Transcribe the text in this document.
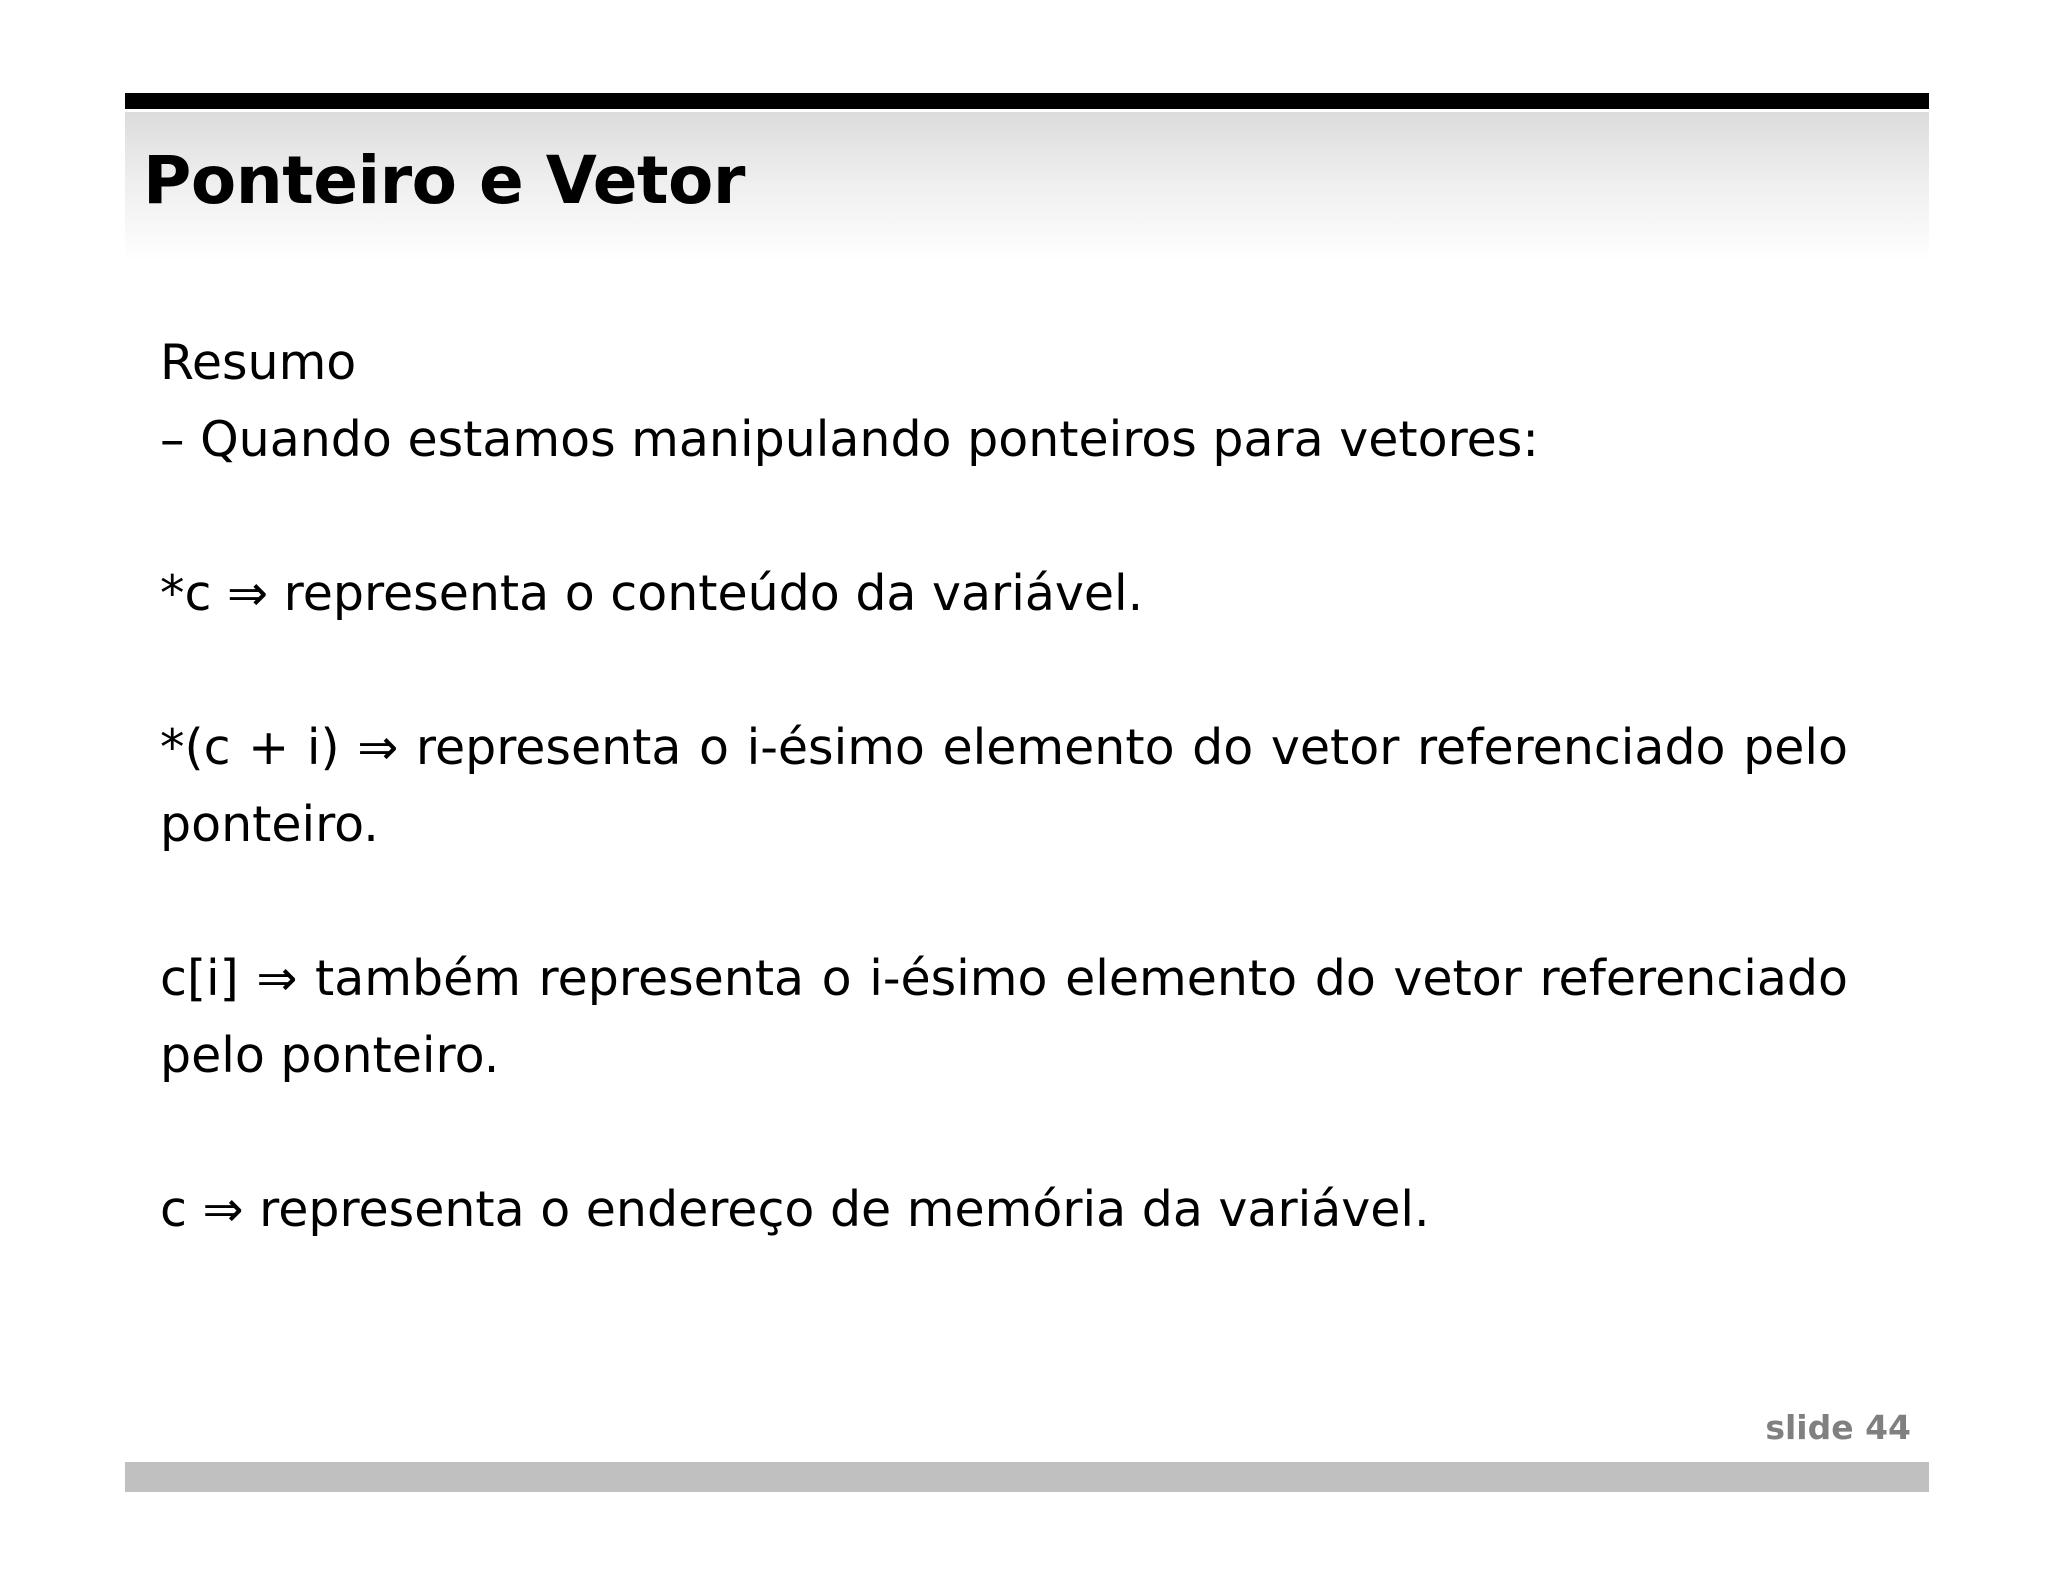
Ponteiro e Vetor

Resumo

– Quando estamos manipulando ponteiros para vetores:

*c ⇒ representa o conteúdo da variável.

*(c + i) ⇒ representa o i-ésimo elemento do vetor referenciado pelo ponteiro.

c[i] ⇒ também representa o i-ésimo elemento do vetor referenciado pelo ponteiro.

c ⇒ representa o endereço de memória da variável.

slide 44
